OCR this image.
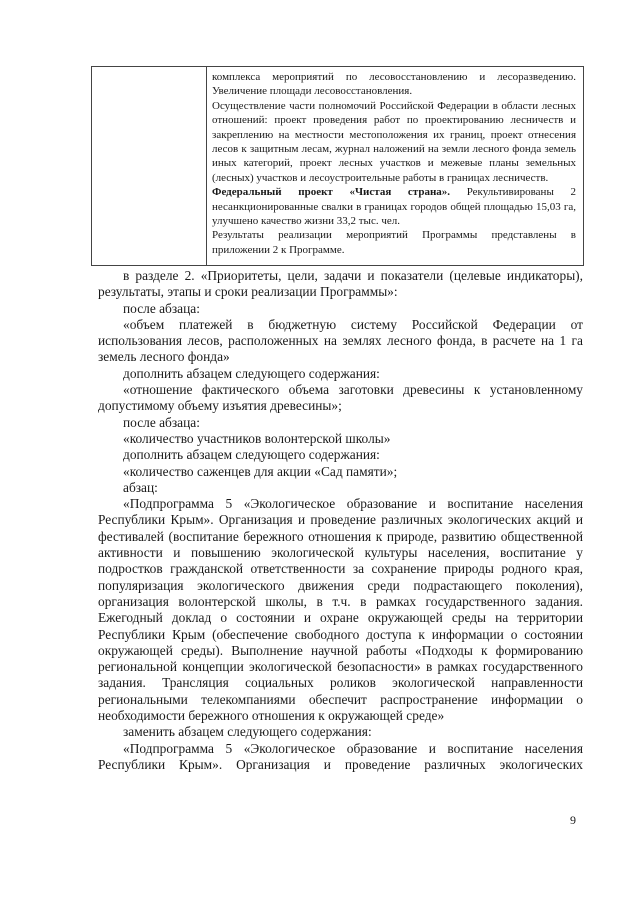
комплекса мероприятий по лесовосстановлению и лесоразведению. Увеличение площади лесовосстановления.

Осуществление части полномочий Российской Федерации в области лесных отношений: проект проведения работ по проектированию лесничеств и закреплению на местности местоположения их границ, проект отнесения лесов к защитным лесам, журнал наложений на земли лесного фонда земель иных категорий, проект лесных участков и межевые планы земельных (лесных) участков и лесоустроительные работы в границах лесничеств.

Федеральный проект «Чистая страна». Рекультивированы 2 несанкционированные свалки в границах городов общей площадью 15,03 га, улучшено качество жизни 33,2 тыс. чел.

Результаты реализации мероприятий Программы представлены в приложении 2 к Программе.

в разделе 2. «Приоритеты, цели, задачи и показатели (целевые индикаторы), результаты, этапы и сроки реализации Программы»:

после абзаца:

«объем платежей в бюджетную систему Российской Федерации от использования лесов, расположенных на землях лесного фонда, в расчете на 1 га земель лесного фонда»

дополнить абзацем следующего содержания:

«отношение фактического объема заготовки древесины к установленному допустимому объему изъятия древесины»;

после абзаца:

«количество участников волонтерской школы»

дополнить абзацем следующего содержания:

«количество саженцев для акции «Сад памяти»;

абзац:

«Подпрограмма 5 «Экологическое образование и воспитание населения Республики Крым». Организация и проведение различных экологических акций и фестивалей (воспитание бережного отношения к природе, развитию общественной активности и повышению экологической культуры населения, воспитание у подростков гражданской ответственности за сохранение природы родного края, популяризация экологического движения среди подрастающего поколения), организация волонтерской школы, в т.ч. в рамках государственного задания. Ежегодный доклад о состоянии и охране окружающей среды на территории Республики Крым (обеспечение свободного доступа к информации о состоянии окружающей среды). Выполнение научной работы «Подходы к формированию региональной концепции экологической безопасности» в рамках государственного задания. Трансляция социальных роликов экологической направленности региональными телекомпаниями обеспечит распространение информации о необходимости бережного отношения к окружающей среде»

заменить абзацем следующего содержания:

«Подпрограмма 5 «Экологическое образование и воспитание населения Республики Крым». Организация и проведение различных экологических

9
